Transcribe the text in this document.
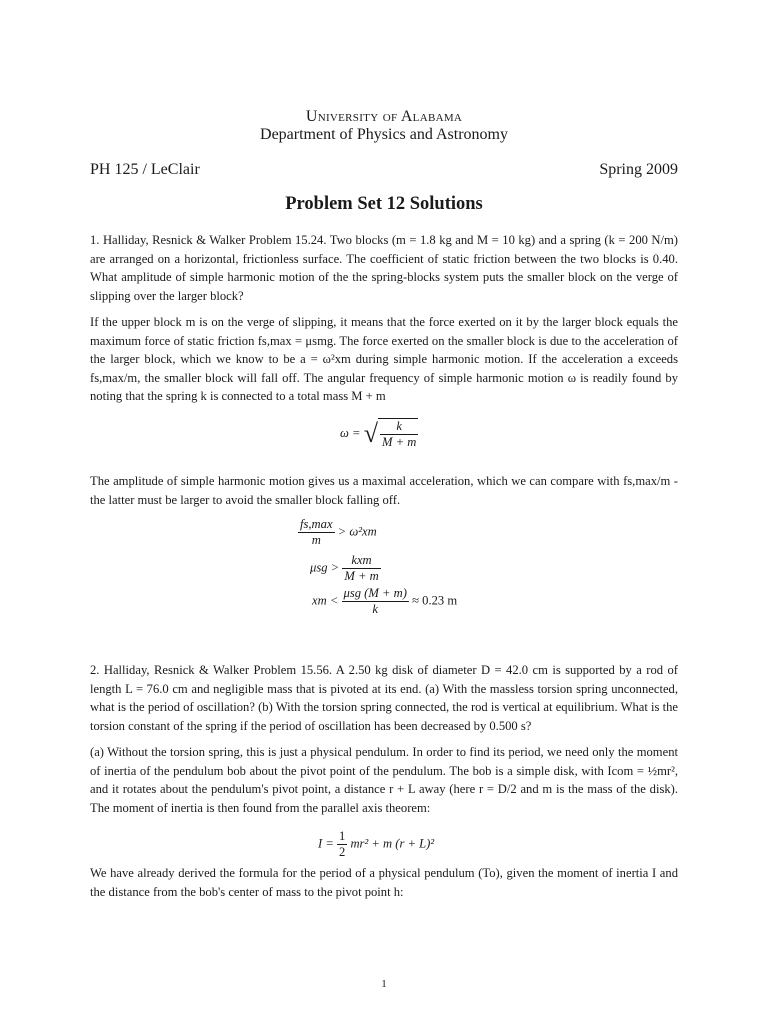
University of Alabama
Department of Physics and Astronomy
PH 125 / LeClair	Spring 2009
Problem Set 12 Solutions
1. Halliday, Resnick & Walker Problem 15.24. Two blocks (m = 1.8 kg and M = 10 kg) and a spring (k = 200 N/m) are arranged on a horizontal, frictionless surface. The coefficient of static friction between the two blocks is 0.40. What amplitude of simple harmonic motion of the the spring-blocks system puts the smaller block on the verge of slipping over the larger block?
If the upper block m is on the verge of slipping, it means that the force exerted on it by the larger block equals the maximum force of static friction fs,max = μsmg. The force exerted on the smaller block is due to the acceleration of the larger block, which we know to be a = ω²xm during simple harmonic motion. If the acceleration a exceeds fs,max/m, the smaller block will fall off. The angular frequency of simple harmonic motion ω is readily found by noting that the spring k is connected to a total mass M + m
ω = √ $\frac{k}{M + m}$
The amplitude of simple harmonic motion gives us a maximal acceleration, which we can compare with fs,max/m - the latter must be larger to avoid the smaller block falling off.
$\frac{fs,\max}{m} > \omega^2xm$
$\mu sg > \frac{\text{kxm}}{M + m}$
xm < $\frac{\text{μsg (M + m)}}{k} \approx 0.23$ m
2. Halliday, Resnick & Walker Problem 15.56. A 2.50 kg disk of diameter D = 42.0 cm is supported by a rod of length L = 76.0 cm and negligible mass that is pivoted at its end. (a) With the massless torsion spring unconnected, what is the period of oscillation? (b) With the torsion spring connected, the rod is vertical at equilibrium. What is the torsion constant of the spring if the period of oscillation has been decreased by 0.500 s?
(a) Without the torsion spring, this is just a physical pendulum. In order to find its period, we need only the moment of inertia of the pendulum bob about the pivot point of the pendulum. The bob is a simple disk, with Icom = ½mr², and it rotates about the pendulum's pivot point, a distance r + L away (here r = D/2 and m is the mass of the disk). The moment of inertia is then found from the parallel axis theorem:
$I = \frac{1}{2} mr^2 + m$ (r + L)²
We have already derived the formula for the period of a physical pendulum (To), given the moment of inertia I and the distance from the bob's center of mass to the pivot point h:
1
